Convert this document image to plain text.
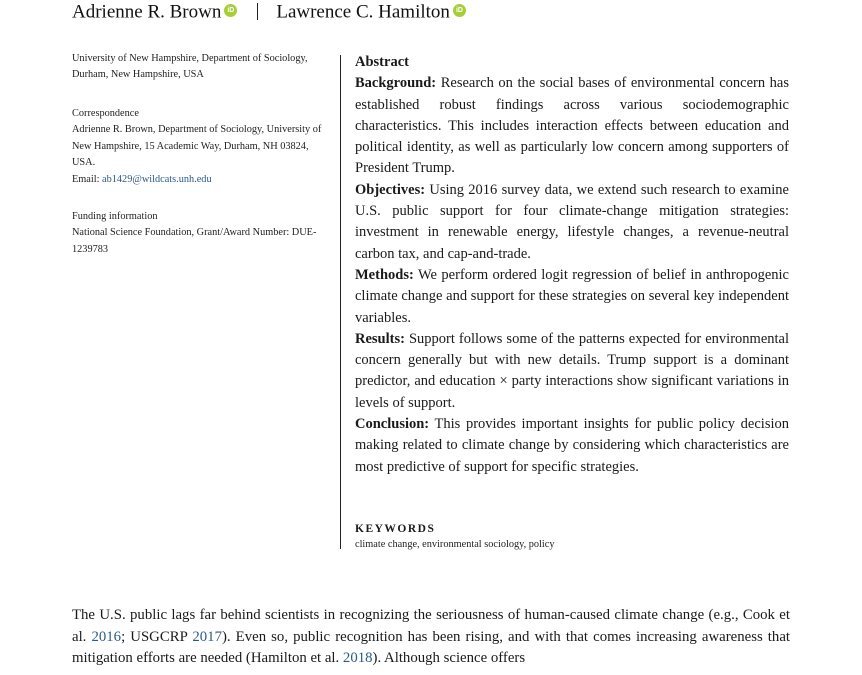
Adrienne R. Brown iD Lawrence C. Hamilton iD

University of New Hampshire, Department of Sociology, Durham, New Hampshire, USA

Correspondence

Adrienne R. Brown, Department of Sociology, University of New Hampshire, 15 Academic Way, Durham, NH 03824, USA.

Email: ab1429@wildcats.unh.edu

Funding information

National Science Foundation, Grant/Award Number: DUE-1239783

Abstract

Background: Research on the social bases of environmental concern has established robust findings across various sociodemographic characteristics. This includes interaction effects between education and political identity, as well as particularly low concern among supporters of President Trump.

Objectives: Using 2016 survey data, we extend such research to examine U.S. public support for four climate-change mitigation strategies: investment in renewable energy, lifestyle changes, a revenue-neutral carbon tax, and cap-and-trade.

Methods: We perform ordered logit regression of belief in anthropogenic climate change and support for these strategies on several key independent variables.

Results: Support follows some of the patterns expected for environmental concern generally but with new details. Trump support is a dominant predictor, and education × party interactions show significant variations in levels of support.

Conclusion: This provides important insights for public policy decision making related to climate change by considering which characteristics are most predictive of support for specific strategies.

KEYWORDS
climate change, environmental sociology, policy

The U.S. public lags far behind scientists in recognizing the seriousness of human-caused climate change (e.g., Cook et al. 2016; USGCRP 2017). Even so, public recognition has been rising, and with that comes increasing awareness that mitigation efforts are needed (Hamilton et al. 2018). Although science offers
